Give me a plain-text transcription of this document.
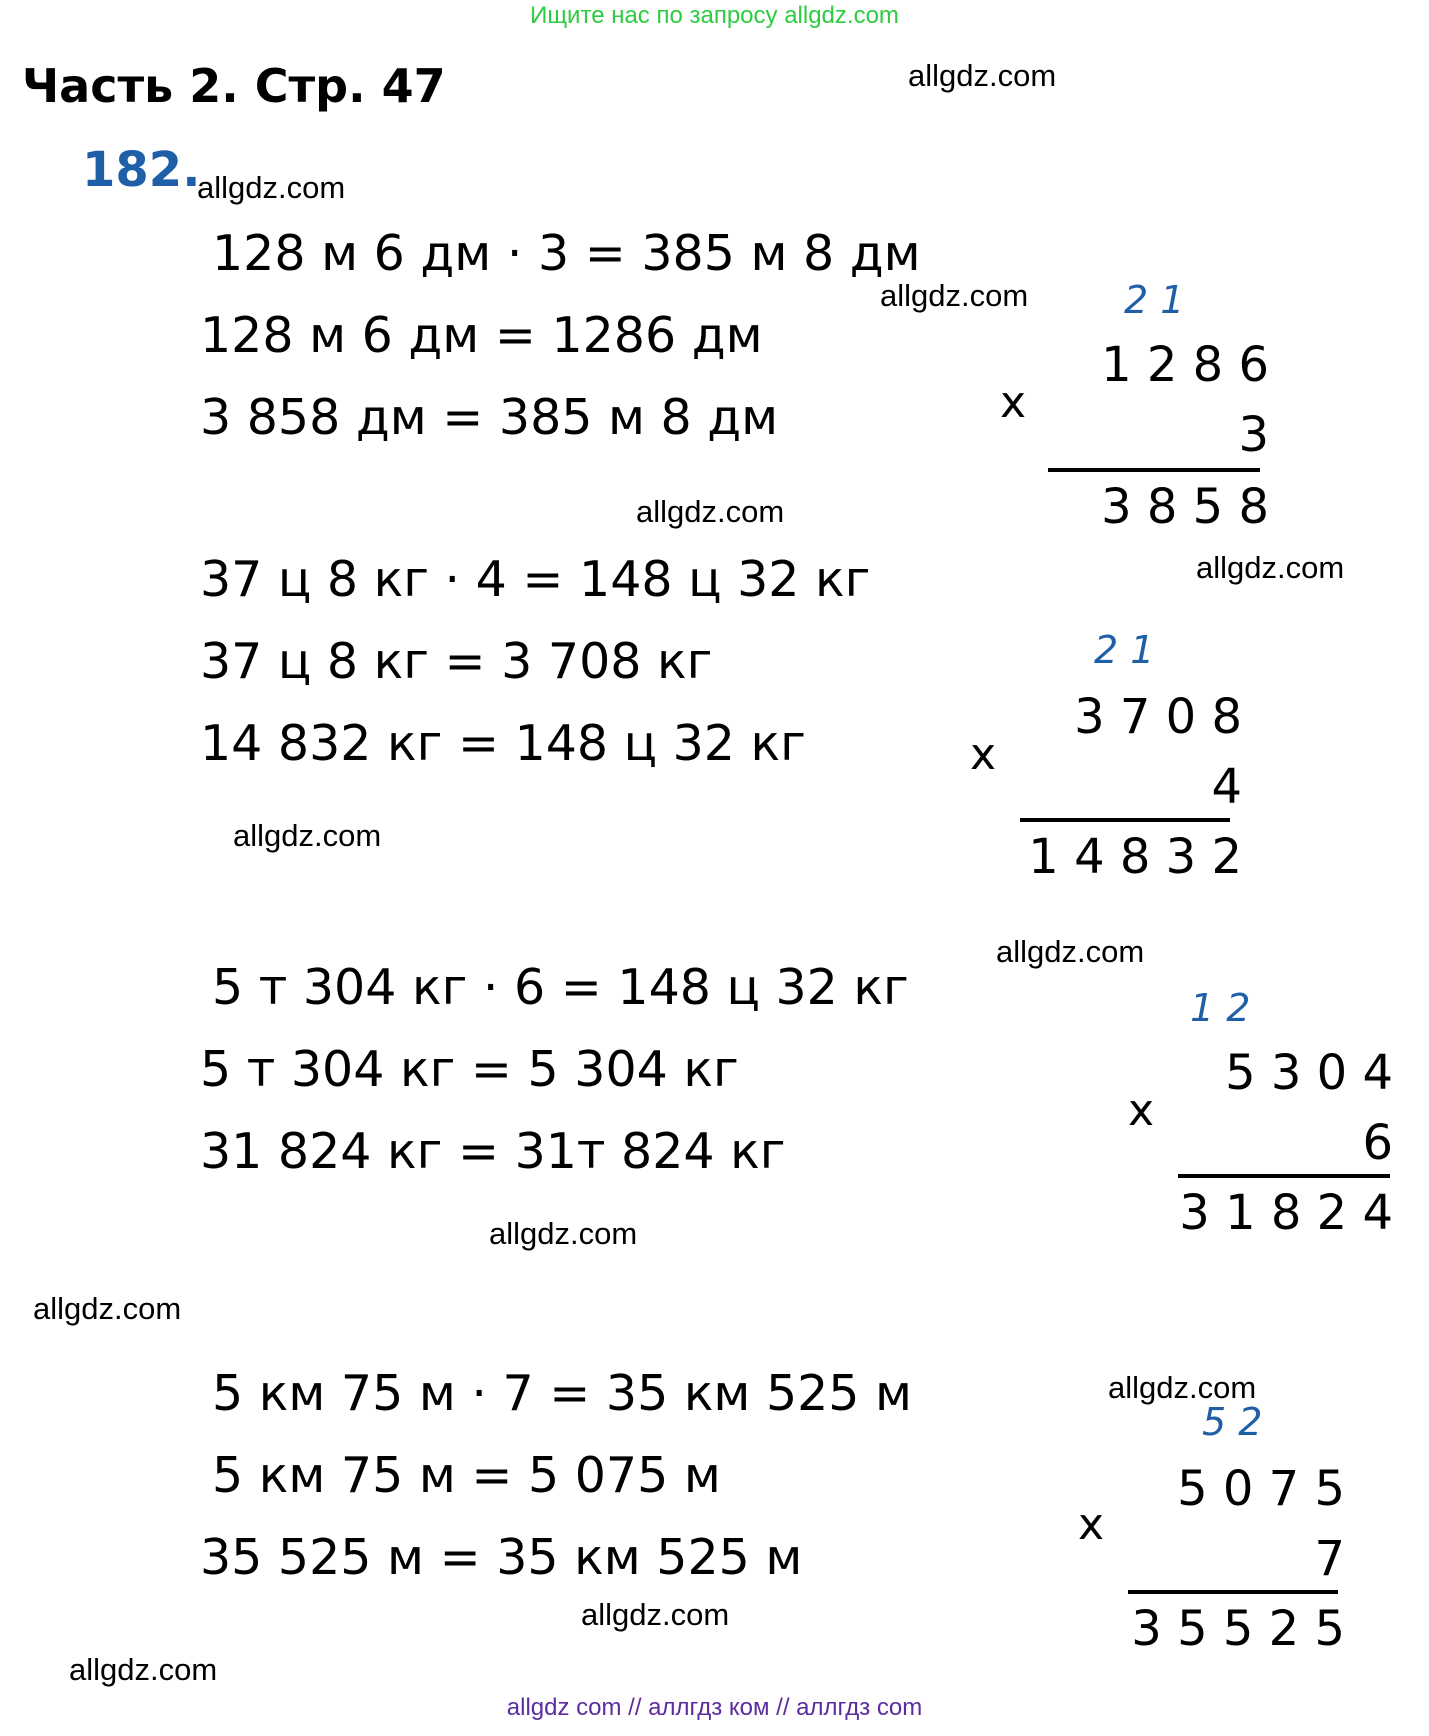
Ищите нас по запросу allgdz.com
Часть 2. Стр. 47
182.
allgdz.com
allgdz.com
allgdz.com
allgdz.com
allgdz.com
allgdz.com
allgdz.com
allgdz.com
allgdz.com
allgdz.com
allgdz.com
allgdz.com
128 м 6 дм · 3 = 385 м 8 дм
128 м 6 дм = 1286 дм
3 858 дм = 385 м 8 дм
2 1
x
1 2 8 6
3
3 8 5 8
37 ц 8 кг · 4 = 148 ц 32 кг
37 ц 8 кг = 3 708 кг
14 832 кг = 148 ц 32 кг
2 1
x
3 7 0 8
4
1 4 8 3 2
5 т 304 кг · 6 = 148 ц 32 кг
5 т 304 кг = 5 304 кг
31 824 кг = 31т 824 кг
1 2
x
5 3 0 4
6
3 1 8 2 4
5 км 75 м · 7 = 35 км 525 м
5 км 75 м = 5 075 м
35 525 м = 35 км 525 м
5 2
x
5 0 7 5
7
3 5 5 2 5
allgdz com // аллгдз ком // аллгдз com
